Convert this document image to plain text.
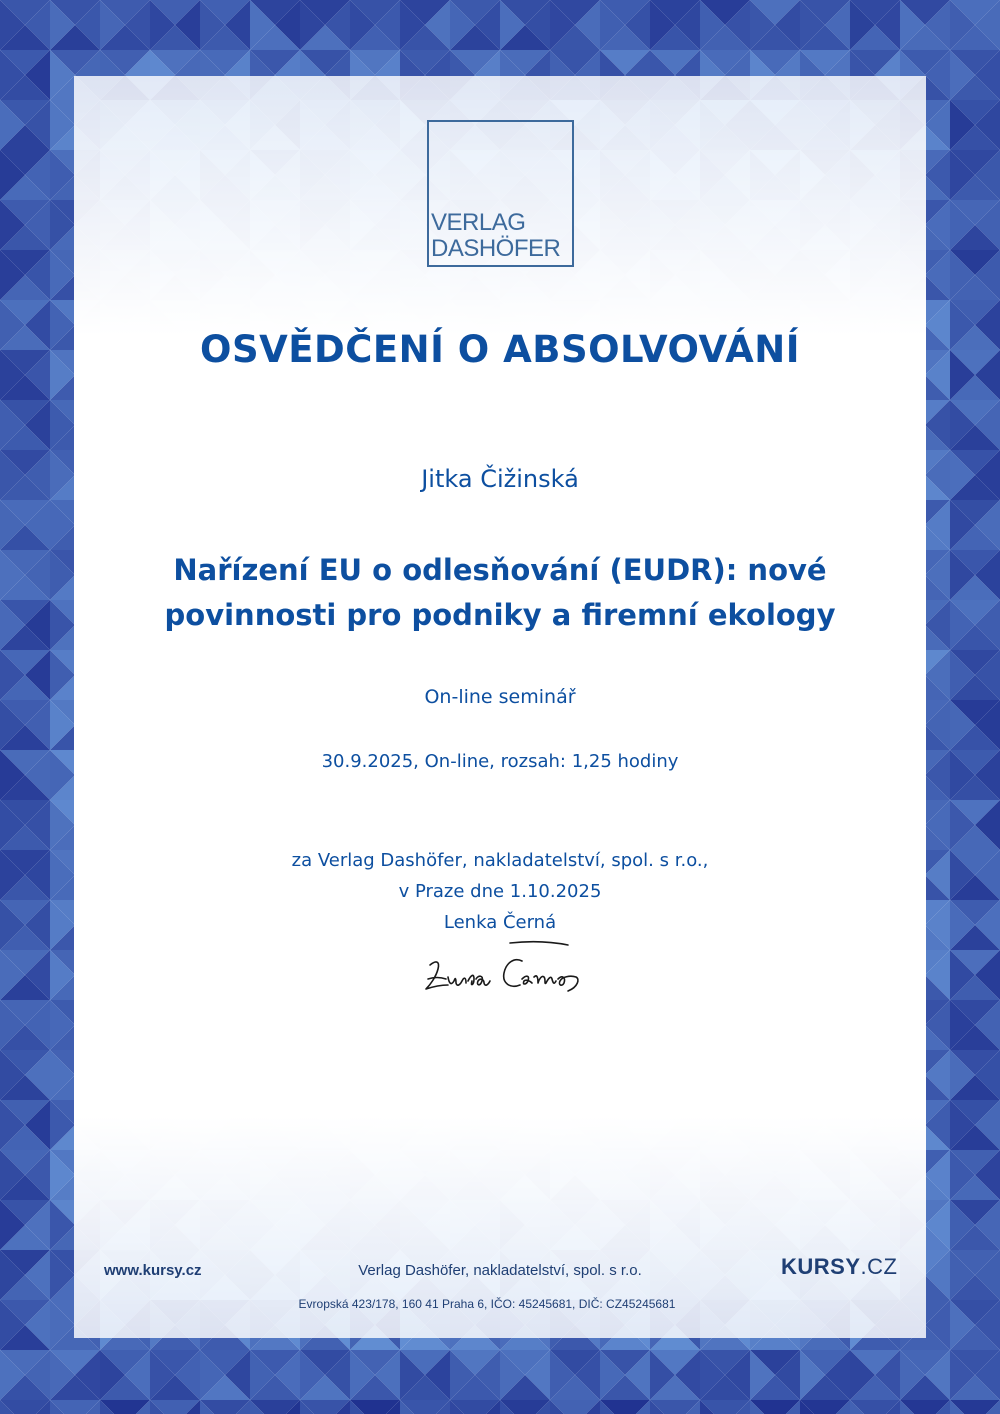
VERLAG
DASHÖFER
OSVĚDČENÍ O ABSOLVOVÁNÍ
Jitka Čižinská
Nařízení EU o odlesňování (EUDR): nové
povinnosti pro podniky a firemní ekology
On-line seminář
30.9.2025, On-line, rozsah: 1,25 hodiny
za Verlag Dashöfer, nakladatelství, spol. s r.o.,
v Praze dne 1.10.2025
Lenka Černá
www.kursy.cz	Verlag Dashöfer, nakladatelství, spol. s r.o.
Evropská 423/178, 160 41 Praha 6, IČO: 45245681, DIČ: CZ45245681
KURSY.CZ
